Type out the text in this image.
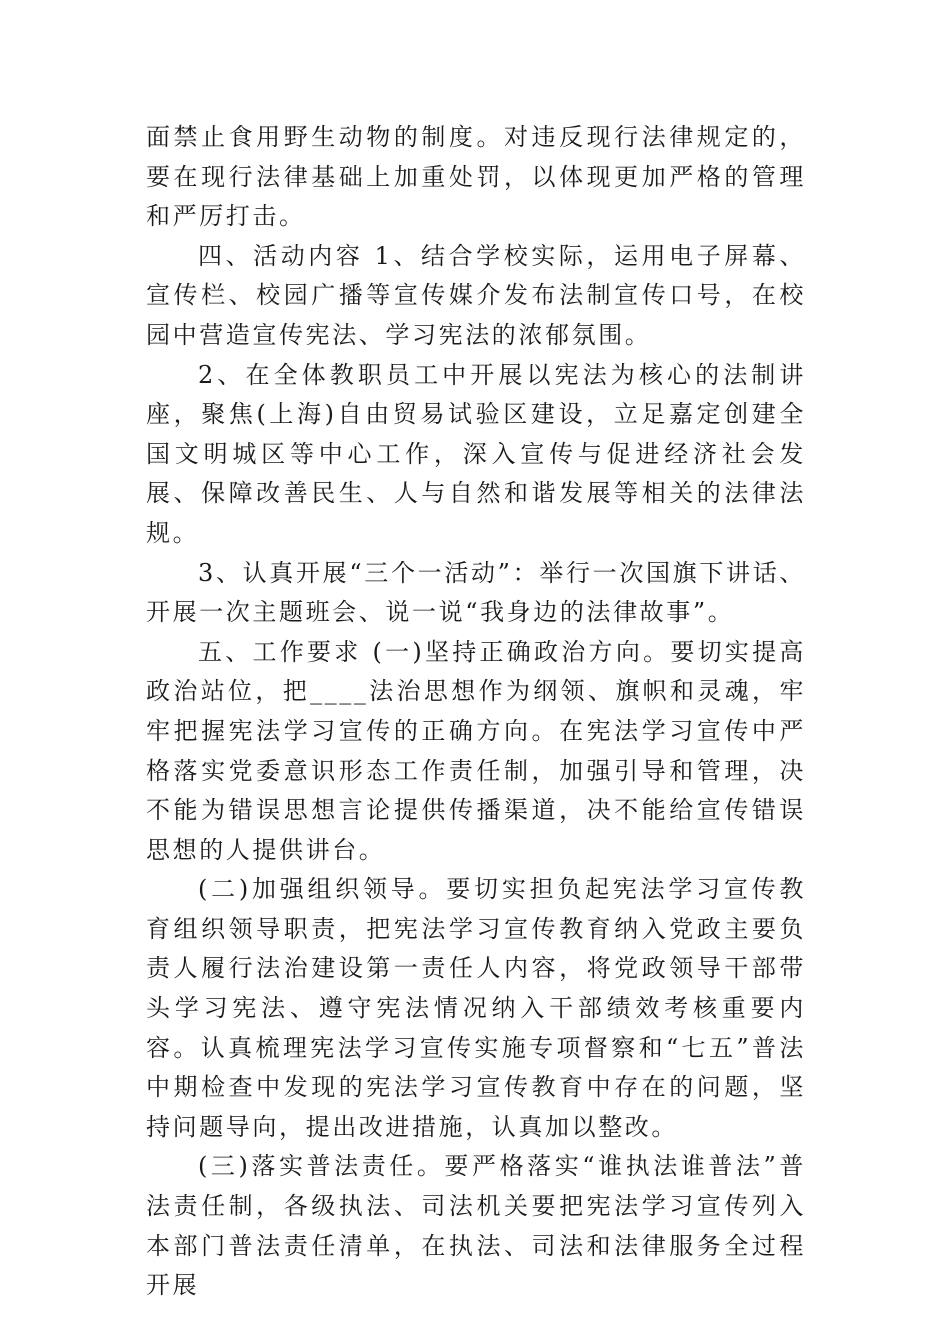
面禁止食用野生动物的制度。对违反现行法律规定的，要在现行法律基础上加重处罚，以体现更加严格的管理和严厉打击。

四、活动内容 1、结合学校实际，运用电子屏幕、宣传栏、校园广播等宣传媒介发布法制宣传口号，在校园中营造宣传宪法、学习宪法的浓郁氛围。

2、在全体教职员工中开展以宪法为核心的法制讲座，聚焦(上海)自由贸易试验区建设，立足嘉定创建全国文明城区等中心工作，深入宣传与促进经济社会发展、保障改善民生、人与自然和谐发展等相关的法律法规。

3、认真开展“三个一活动”：举行一次国旗下讲话、开展一次主题班会、说一说“我身边的法律故事”。

五、工作要求 (一)坚持正确政治方向。要切实提高政治站位，把____法治思想作为纲领、旗帜和灵魂，牢牢把握宪法学习宣传的正确方向。在宪法学习宣传中严格落实党委意识形态工作责任制，加强引导和管理，决不能为错误思想言论提供传播渠道，决不能给宣传错误思想的人提供讲台。

(二)加强组织领导。要切实担负起宪法学习宣传教育组织领导职责，把宪法学习宣传教育纳入党政主要负责人履行法治建设第一责任人内容，将党政领导干部带头学习宪法、遵守宪法情况纳入干部绩效考核重要内容。认真梳理宪法学习宣传实施专项督察和“七五”普法中期检查中发现的宪法学习宣传教育中存在的问题，坚持问题导向，提出改进措施，认真加以整改。

(三)落实普法责任。要严格落实“谁执法谁普法”普法责任制，各级执法、司法机关要把宪法学习宣传列入本部门普法责任清单，在执法、司法和法律服务全过程开展
